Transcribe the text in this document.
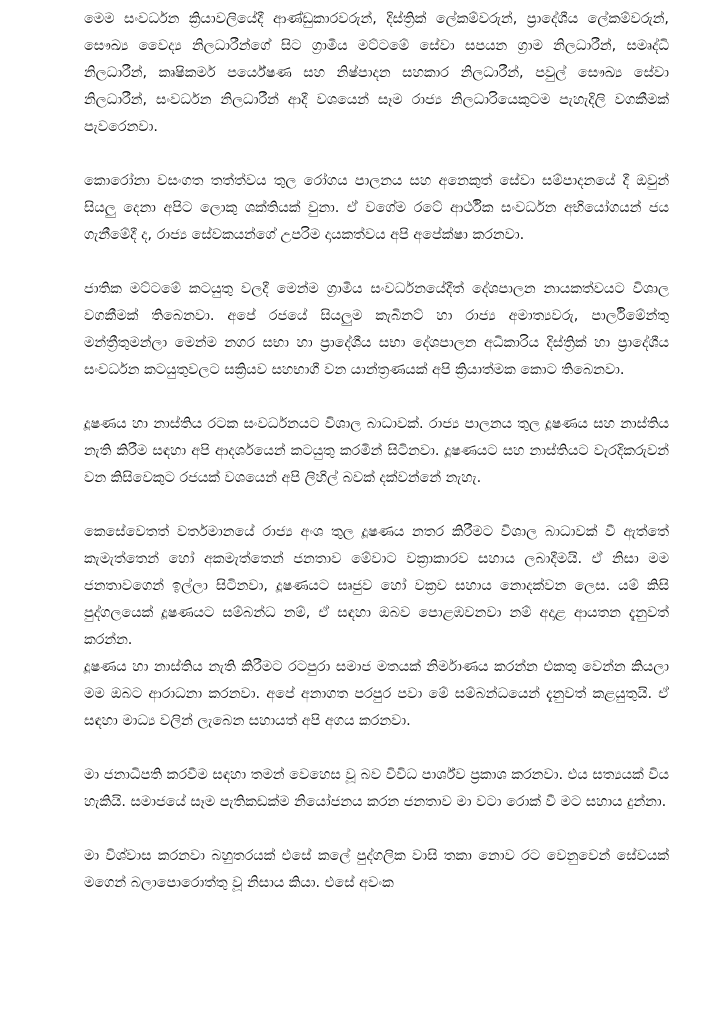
මෙම සංවර්ධන ක්‍රියාවලියේදී ආණ්ඩුකාරවරුන්, දිස්ත්‍රික් ලේකම්වරුන්, ප්‍රාදේශීය ලේකම්වරුන්, සෞඛ්‍ය වෛද්‍ය නිලධාරීන්ගේ සිට ග්‍රාමීය මට්ටමේ සේවා සපයන ග්‍රාම නිලධාරීන්, සමෘද්ධි නිලධාරීන්, කෘෂිකර්ම පර්යේෂණ සහ නිෂ්පාදන සහකාර නිලධාරීන්, පවුල් සෞඛ්‍ය සේවා නිලධාරීන්, සංවර්ධන නිලධාරීන් ආදී වශයෙන් සෑම රාජ්‍ය නිලධාරියෙකුටම පැහැදිලි වගකීමක් පැවරෙනවා.

කොරෝනා වසංගත තත්ත්වය තුල රෝගය පාලනය සහ අනෙකුත් සේවා සම්පාදනයේ දී ඔවුන් සියලු දෙනා අපිට ලොකු ශක්තියක් වුනා. ඒ වගේම රටේ ආර්ථික සංවර්ධන අභියෝගයන් ජය ගැනීමේදී ද, රාජ්‍ය සේවකයන්ගේ උපරිම දායකත්වය අපි අපේක්ෂා කරනවා.

ජාතික මට්ටමේ කටයුතු වලදී මෙන්ම ග්‍රාමීය සංවර්ධනයේදීත් දේශපාලන නායකත්වයට විශාල වගකීමක් තිබෙනවා. අපේ රජයේ සියලුම කැබිනට් හා රාජ්‍ය අමාත්‍යවරු, පාර්ලිමේන්තු මන්ත්‍රීතුමන්ලා මෙන්ම නගර සභා හා ප්‍රාදේශීය සභා දේශපාලන අධිකාරිය දිස්ත්‍රික් හා ප්‍රාදේශීය සංවර්ධන කටයුතුවලට සක්‍රියව සහභාගී වන යාන්ත්‍රණයක් අපි ක්‍රියාත්මක කොට තිබෙනවා.

දූෂණය හා නාස්තිය රටක සංවර්ධනයට විශාල බාධාවක්. රාජ්‍ය පාලනය තුල දූෂණය සහ නාස්තිය නැති කිරීම සඳහා අපි ආදර්ශයෙන් කටයුතු කරමින් සිටිනවා. දූෂණයට සහ නාස්තියට වැරදිකරුවන් වන කිසිවෙකුට රජයක් වශයෙන් අපි ලිහිල් බවක් දක්වන්නේ නැහැ.

කෙසේවෙතත් වර්තමානයේ රාජ්‍ය අංශ තුල දූෂණය නතර කිරීමට විශාල බාධාවක් වී ඇත්තේ කැමැත්තෙන් හෝ අකමැත්තෙන් ජනතාව මේවාට වක්‍රාකාරව සහාය ලබාදීමයි. ඒ නිසා මම ජනතාවගෙන් ඉල්ලා සිටිනවා, දූෂණයට සෘජුව හෝ වක්‍රව සහාය නොදක්වන ලෙස. යම් කිසි පුද්ගලයෙක් දූෂණයට සම්බන්ධ නම්, ඒ සඳහා ඔබව පොළඹවනවා නම් අදාළ ආයතන දැනුවත් කරන්න.

දූෂණය හා නාස්තිය නැති කිරීමට රටපුරා සමාජ මතයක් නිර්මාණය කරන්න එකතු වෙන්න කියලා මම ඔබට ආරාධනා කරනවා. අපේ අනාගත පරපුර පවා මේ සම්බන්ධයෙන් දැනුවත් කළයුතුයි. ඒ සඳහා මාධ්‍ය වලින් ලැබෙන සහායත් අපි අගය කරනවා.

මා ජනාධිපති කරවීම සඳහා තමන් වෙහෙස වූ බව විවිධ පාර්ශ්ව ප්‍රකාශ කරනවා. එය සත්‍යයක් විය හැකියි. සමාජයේ සෑම පැතිකඩක්ම නියෝජනය කරන ජනතාව මා වටා රොක් වී මට සහාය දුන්නා.

මා විශ්වාස කරනවා බහුතරයක් එසේ කලේ පුද්ගලික වාසි තකා නොව රට වෙනුවෙන් සේවයක් මගෙන් බලාපොරොත්තු වූ නිසාය කියා. එසේ අවංක
